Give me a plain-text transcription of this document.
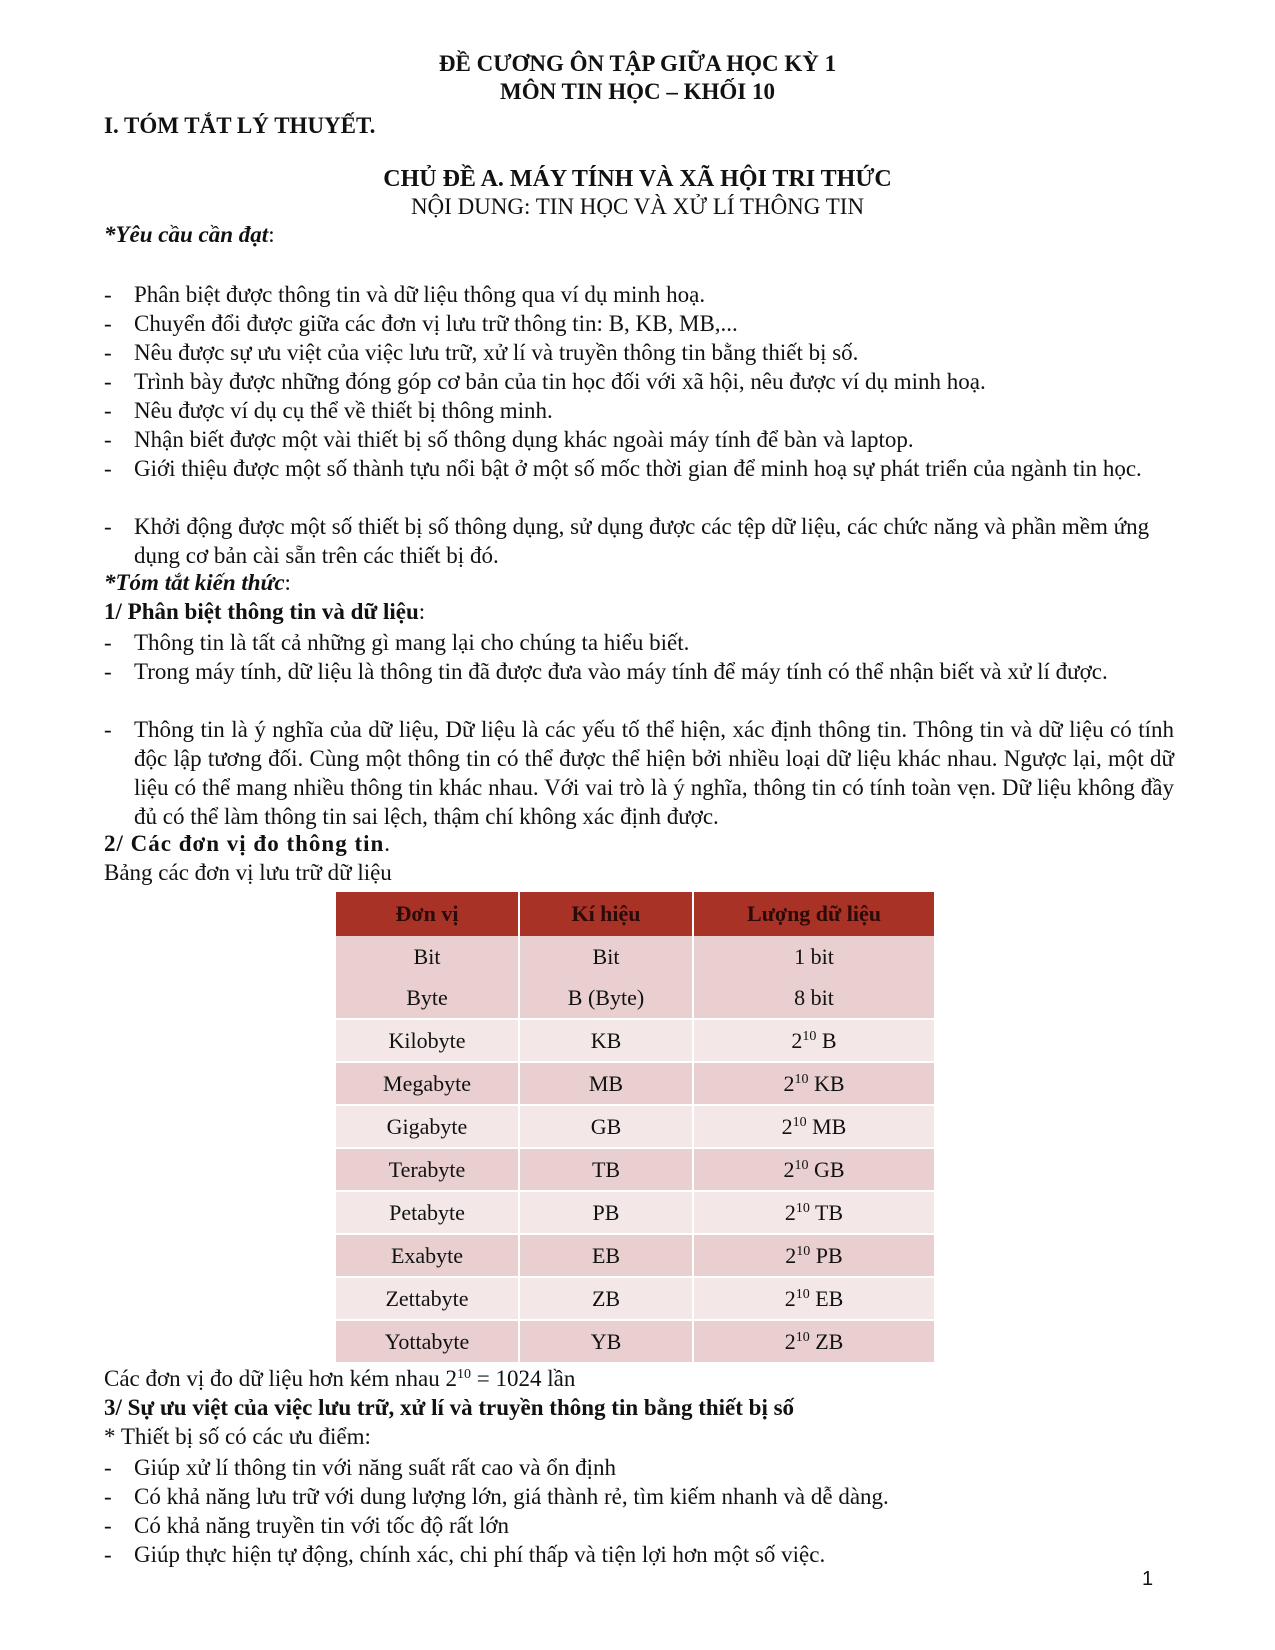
ĐỀ CƯƠNG ÔN TẬP GIỮA HỌC KỲ 1
MÔN TIN HỌC – KHỐI 10
I. TÓM TẮT LÝ THUYẾT.
CHỦ ĐỀ A. MÁY TÍNH VÀ XÃ HỘI TRI THỨC
NỘI DUNG: TIN HỌC VÀ XỬ LÍ THÔNG TIN
*Yêu cầu cần đạt:
- Phân biệt được thông tin và dữ liệu thông qua ví dụ minh hoạ.
- Chuyển đổi được giữa các đơn vị lưu trữ thông tin: B, KB, MB,...
- Nêu được sự ưu việt của việc lưu trữ, xử lí và truyền thông tin bằng thiết bị số.
- Trình bày được những đóng góp cơ bản của tin học đối với xã hội, nêu được ví dụ minh hoạ.
- Nêu được ví dụ cụ thể về thiết bị thông minh.
- Nhận biết được một vài thiết bị số thông dụng khác ngoài máy tính để bàn và laptop.
- Giới thiệu được một số thành tựu nổi bật ở một số mốc thời gian để minh hoạ sự phát triển của ngành tin học.
- Khởi động được một số thiết bị số thông dụng, sử dụng được các tệp dữ liệu, các chức năng và phần mềm ứng dụng cơ bản cài sẵn trên các thiết bị đó.
*Tóm tắt kiến thức:
1/ Phân biệt thông tin và dữ liệu:
- Thông tin là tất cả những gì mang lại cho chúng ta hiểu biết.
- Trong máy tính, dữ liệu là thông tin đã được đưa vào máy tính để máy tính có thể nhận biết và xử lí được.
- Thông tin là ý nghĩa của dữ liệu, Dữ liệu là các yếu tố thể hiện, xác định thông tin. Thông tin và dữ liệu có tính độc lập tương đối. Cùng một thông tin có thể được thể hiện bởi nhiều loại dữ liệu khác nhau. Ngược lại, một dữ liệu có thể mang nhiều thông tin khác nhau. Với vai trò là ý nghĩa, thông tin có tính toàn vẹn. Dữ liệu không đầy đủ có thể làm thông tin sai lệch, thậm chí không xác định được.
2/ Các đơn vị đo thông tin.
Bảng các đơn vị lưu trữ dữ liệu
Đơn vị	Kí hiệu	Lượng dữ liệu
Bit	Bit	1 bit
Byte	B (Byte)	8 bit
Kilobyte	KB	$2^{10}$ B
Megabyte	MB	$2^{10}$ KB
Gigabyte	GB	$2^{10}$ MB
Terabyte	TB	$2^{10}$ GB
Petabyte	PB	$2^{10}$ TB
Exabyte	EB	$2^{10}$ PB
Zettabyte	ZB	$2^{10}$ EB
Yottabyte	YB	$2^{10}$ ZB
Các đơn vị đo dữ liệu hơn kém nhau $2^{10} = 1024$ lần
3/ Sự ưu việt của việc lưu trữ, xử lí và truyền thông tin bằng thiết bị số
* Thiết bị số có các ưu điểm:
- Giúp xử lí thông tin với năng suất rất cao và ổn định
- Có khả năng lưu trữ với dung lượng lớn, giá thành rẻ, tìm kiếm nhanh và dễ dàng.
- Có khả năng truyền tin với tốc độ rất lớn
- Giúp thực hiện tự động, chính xác, chi phí thấp và tiện lợi hơn một số việc.
1
